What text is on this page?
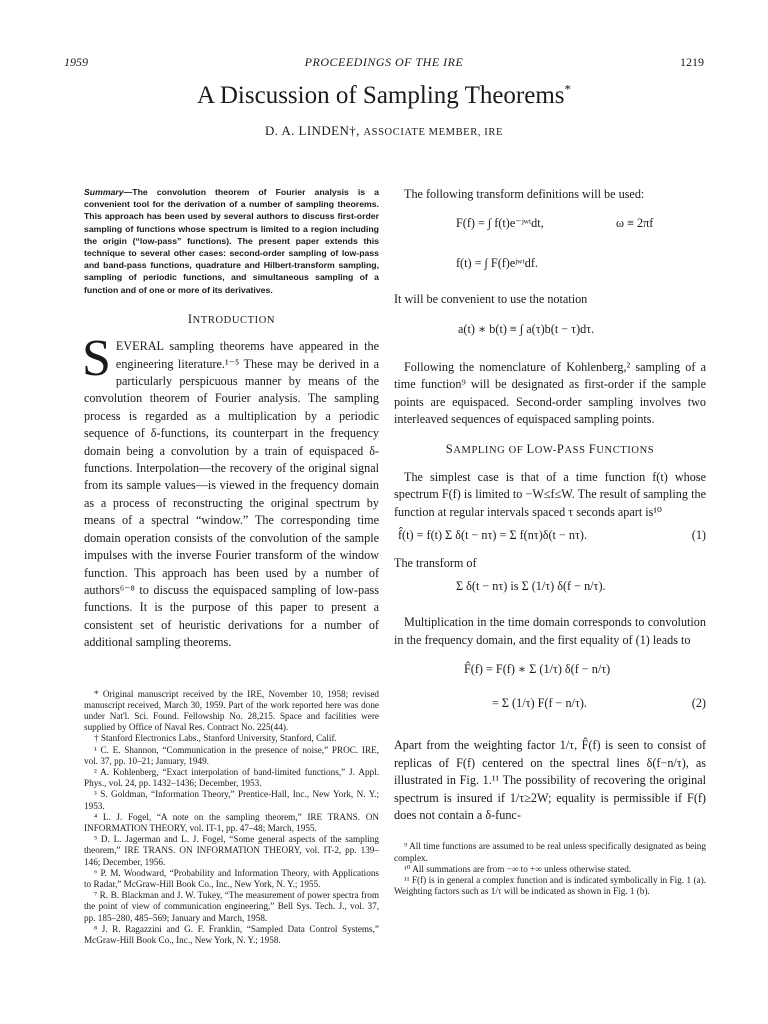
PROCEEDINGS OF THE IRE
1959	1219
A Discussion of Sampling Theorems*
D. A. LINDEN†, ASSOCIATE MEMBER, IRE

Summary—The convolution theorem of Fourier analysis is a convenient tool for the derivation of a number of sampling theorems. This approach has been used by several authors to discuss first-order sampling of functions whose spectrum is limited to a region including the origin (“low-pass” functions). The present paper extends this technique to several other cases: second-order sampling of low-pass and band-pass functions, quadrature and Hilbert-transform sampling, sampling of periodic functions, and simultaneous sampling of a function and of one or more of its derivatives.

INTRODUCTION

SEVERAL sampling theorems have appeared in the engineering literature.¹⁻⁵ These may be derived in a particularly perspicuous manner by means of the convolution theorem of Fourier analysis. The sampling process is regarded as a multiplication by a periodic sequence of δ-functions, its counterpart in the frequency domain being a convolution by a train of equispaced δ-functions. Interpolation—the recovery of the original signal from its sample values—is viewed in the frequency domain as a process of reconstructing the original spectrum by means of a spectral “window.” The corresponding time domain operation consists of the convolution of the sample impulses with the inverse Fourier transform of the window function. This approach has been used by a number of authors⁶⁻⁸ to discuss the equispaced sampling of low-pass functions. It is the purpose of this paper to present a consistent set of heuristic derivations for a number of additional sampling theorems.

* Original manuscript received by the IRE, November 10, 1958; revised manuscript received, March 30, 1959. Part of the work reported here was done under Nat'l. Sci. Found. Fellowship No. 28,215. Space and facilities were supplied by Office of Naval Res. Contract No. 225(44).

† Stanford Electronics Labs., Stanford University, Stanford, Calif.

¹ C. E. Shannon, “Communication in the presence of noise,” PROC. IRE, vol. 37, pp. 10–21; January, 1949.

² A. Kohlenberg, “Exact interpolation of band-limited functions,” J. Appl. Phys., vol. 24, pp. 1432–1436; December, 1953.

³ S. Goldman, “Information Theory,” Prentice-Hall, Inc., New York, N. Y.; 1953.

⁴ L. J. Fogel, “A note on the sampling theorem,” IRE TRANS. ON INFORMATION THEORY, vol. IT-1, pp. 47–48; March, 1955.

⁵ D. L. Jagerman and L. J. Fogel, “Some general aspects of the sampling theorem,” IRE TRANS. ON INFORMATION THEORY, vol. IT-2, pp. 139–146; December, 1956.

⁶ P. M. Woodward, “Probability and Information Theory, with Applications to Radar,” McGraw-Hill Book Co., Inc., New York, N. Y.; 1955.

⁷ R. B. Blackman and J. W. Tukey, “The measurement of power spectra from the point of view of communication engineering,” Bell Sys. Tech. J., vol. 37, pp. 185–280, 485–569; January and March, 1958.

⁸ J. R. Ragazzini and G. F. Franklin, “Sampled Data Control Systems,” McGraw-Hill Book Co., Inc., New York, N. Y.; 1958.

The following transform definitions will be used:

F(f) = ∫ f(t)e⁻ʲʷᵗdt,	ω ≡ 2πf
f(t) = ∫ F(f)eʲʷᵗdf.

It will be convenient to use the notation

a(t) ∗ b(t) ≡ ∫ a(τ)b(t − τ)dτ.

Following the nomenclature of Kohlenberg,² sampling of a time function⁹ will be designated as first-order if the sample points are equispaced. Second-order sampling involves two interleaved sequences of equispaced sampling points.

SAMPLING OF LOW-PASS FUNCTIONS

The simplest case is that of a time function f(t) whose spectrum F(f) is limited to −W≤f≤W. The result of sampling the function at regular intervals spaced τ seconds apart is¹⁰

f̂(t) = f(t) Σ δ(t − nτ) = Σ f(nτ)δ(t − nτ).	(1)

The transform of

Σ δ(t − nτ) is Σ (1/τ) δ(f − n/τ).

Multiplication in the time domain corresponds to convolution in the frequency domain, and the first equality of (1) leads to

F̂(f) = F(f) ∗ Σ (1/τ) δ(f − n/τ)
= Σ (1/τ) F(f − n/τ).	(2)

Apart from the weighting factor 1/τ, F̂(f) is seen to consist of replicas of F(f) centered on the spectral lines δ(f−n/τ), as illustrated in Fig. 1.¹¹ The possibility of recovering the original spectrum is insured if 1/τ≥2W; equality is permissible if F(f) does not contain a δ-func-

⁹ All time functions are assumed to be real unless specifically designated as being complex.

¹⁰ All summations are from −∞ to +∞ unless otherwise stated.

¹¹ F(f) is in general a complex function and is indicated symbolically in Fig. 1 (a). Weighting factors such as 1/τ will be indicated as shown in Fig. 1 (b).
